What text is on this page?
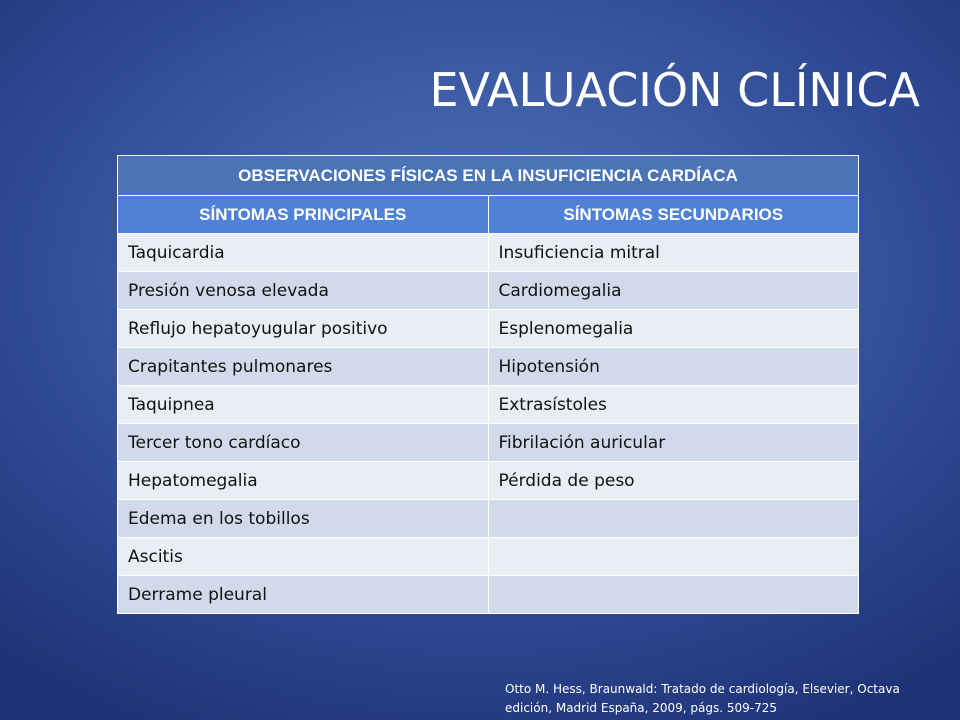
EVALUACIÓN CLÍNICA
OBSERVACIONES FÍSICAS EN LA INSUFICIENCIA CARDÍACA	
SÍNTOMAS PRINCIPALES	SÍNTOMAS SECUNDARIOS
Taquicardia	Insuficiencia mitral
Presión venosa elevada	Cardiomegalia
Reflujo hepatoyugular positivo	Esplenomegalia
Crapitantes pulmonares	Hipotensión
Taquipnea	Extrasístoles
Tercer tono cardíaco	Fibrilación auricular
Hepatomegalia	Pérdida de peso
Edema en los tobillos	
Ascitis	
Derrame pleural	
Otto M. Hess, Braunwald: Tratado de cardiología, Elsevier, Octava
edición, Madrid España, 2009, págs. 509-725
